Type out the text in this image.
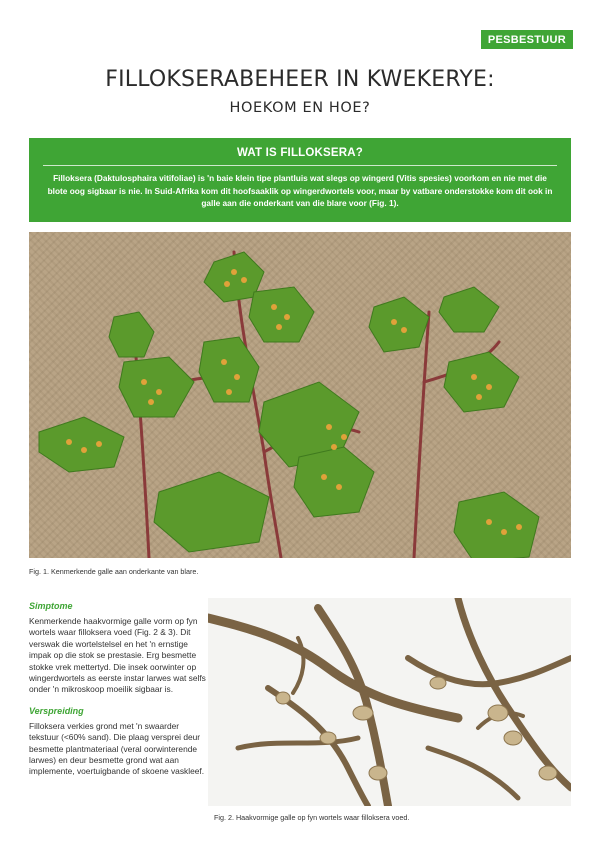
PESBESTUUR
FILLOKSERABEHEER IN KWEKERYE:
HOEKOM EN HOE?
WAT IS FILLOKSERA?

Filloksera (Daktulosphaira vitifoliae) is 'n baie klein tipe plantluis wat slegs op wingerd (Vitis spesies) voorkom en nie met die blote oog sigbaar is nie. In Suid-Afrika kom dit hoofsaaklik op wingerdwortels voor, maar by vatbare onderstokke kom dit ook in galle aan die onderkant van die blare voor (Fig. 1).

Fig. 1. Kenmerkende galle aan onderkante van blare.
Simptome

Kenmerkende haakvormige galle vorm op fyn wortels waar filloksera voed (Fig. 2 & 3). Dit verswak die wortelstelsel en het 'n ernstige impak op die stok se prestasie. Erg besmette stokke vrek mettertyd. Die insek oorwinter op wingerdwortels as eerste instar larwes wat selfs onder 'n mikroskoop moeilik sigbaar is.

Verspreiding

Filloksera verkies grond met 'n swaarder tekstuur (<60% sand). Die plaag versprei deur besmette plantmateriaal (veral oorwinterende larwes) en deur besmette grond wat aan implemente, voertuigbande of skoene vaskleef.

Fig. 2. Haakvormige galle op fyn wortels waar filloksera voed.
